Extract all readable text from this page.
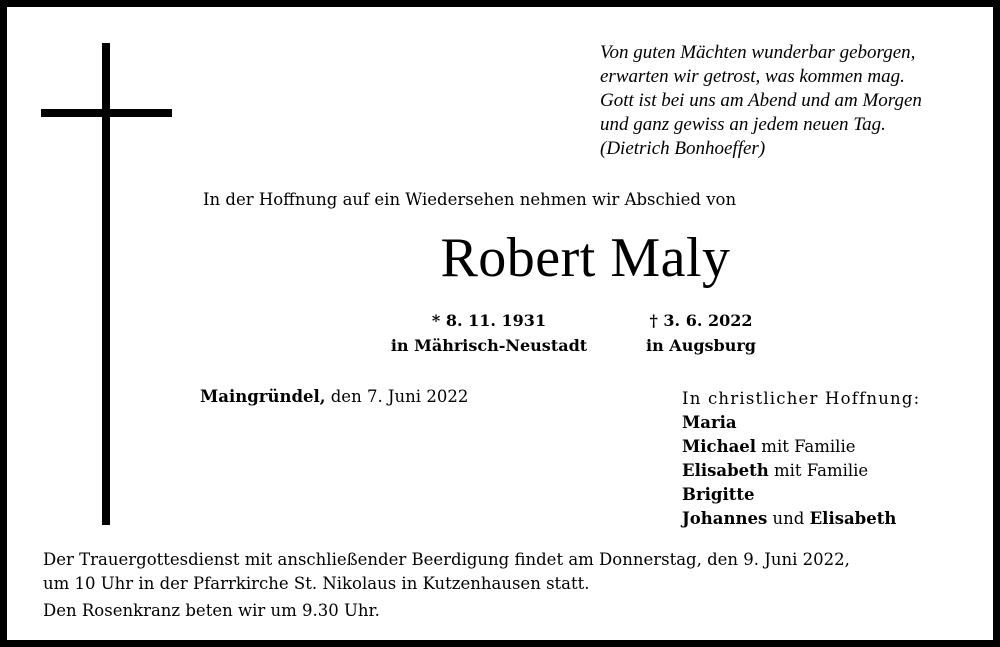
Von guten Mächten wunderbar geborgen,
erwarten wir getrost, was kommen mag.
Gott ist bei uns am Abend und am Morgen
und ganz gewiss an jedem neuen Tag.
(Dietrich Bonhoeffer)
In der Hoffnung auf ein Wiedersehen nehmen wir Abschied von
Robert Maly
* 8. 11. 1931
in Mährisch-Neustadt
† 3. 6. 2022
in Augsburg
Maingründel, den 7. Juni 2022	In christlicher Hoffnung:
Maria
Michael mit Familie
Elisabeth mit Familie
Brigitte
Johannes und Elisabeth
Der Trauergottesdienst mit anschließender Beerdigung findet am Donnerstag, den 9. Juni 2022,
um 10 Uhr in der Pfarrkirche St. Nikolaus in Kutzenhausen statt.
Den Rosenkranz beten wir um 9.30 Uhr.
